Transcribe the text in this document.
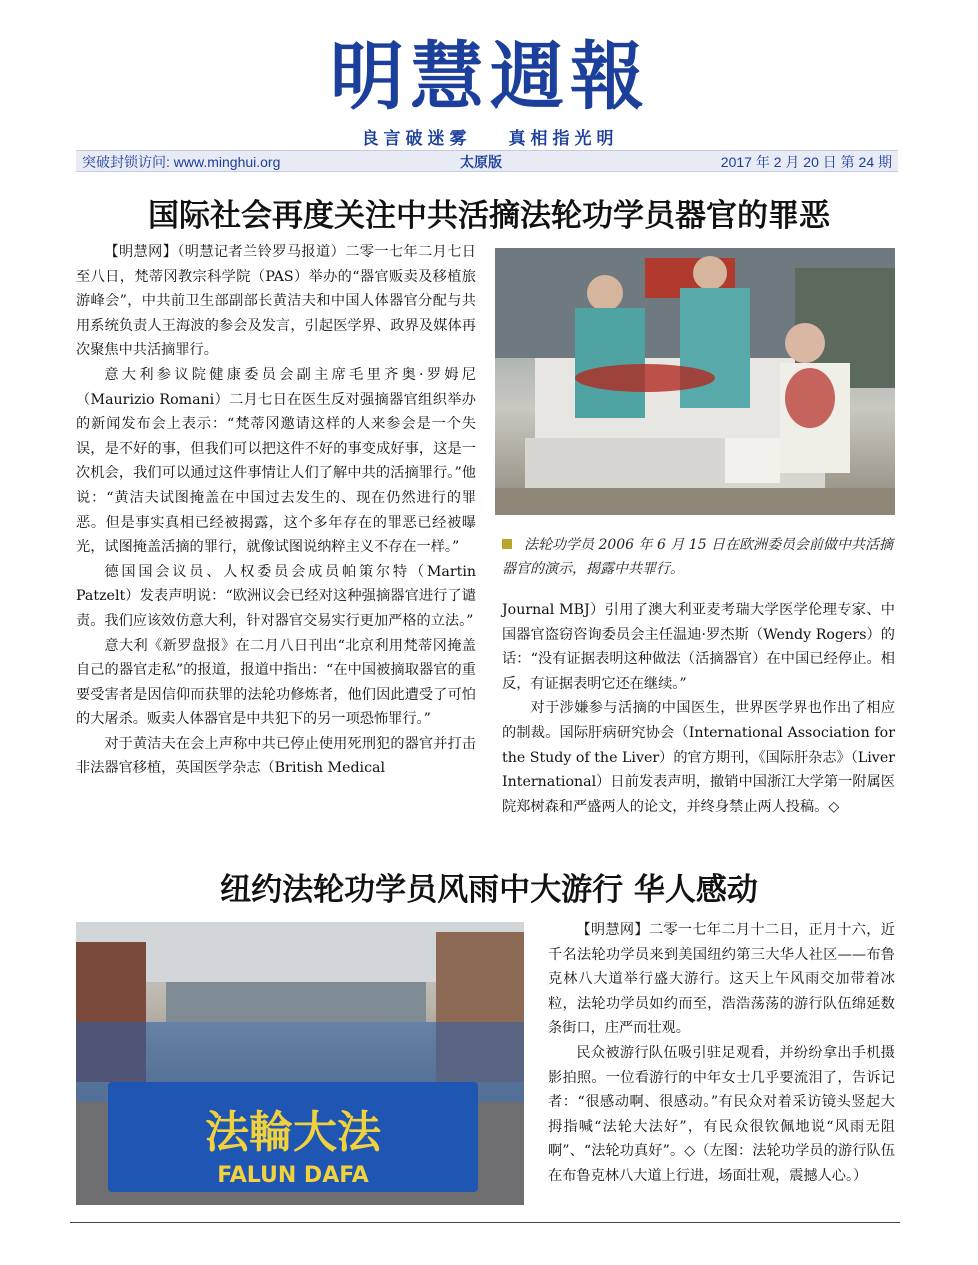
明慧週報
良言破迷雾 真相指光明
突破封锁访问: www.minghui.org	太原版	2017 年 2 月 20 日 第 24 期
国际社会再度关注中共活摘法轮功学员器官的罪恶

【明慧网】（明慧记者兰铃罗马报道）二零一七年二月七日至八日，梵蒂冈教宗科学院（PAS）举办的“器官贩卖及移植旅游峰会”，中共前卫生部副部长黄洁夫和中国人体器官分配与共用系统负责人王海波的参会及发言，引起医学界、政界及媒体再次聚焦中共活摘罪行。

意大利参议院健康委员会副主席毛里齐奥·罗姆尼（Maurizio Romani）二月七日在医生反对强摘器官组织举办的新闻发布会上表示：“梵蒂冈邀请这样的人来参会是一个失误，是不好的事，但我们可以把这件不好的事变成好事，这是一次机会，我们可以通过这件事情让人们了解中共的活摘罪行。”他说：“黄洁夫试图掩盖在中国过去发生的、现在仍然进行的罪恶。但是事实真相已经被揭露，这个多年存在的罪恶已经被曝光，试图掩盖活摘的罪行，就像试图说纳粹主义不存在一样。”

德国国会议员、人权委员会成员帕策尔特（Martin Patzelt）发表声明说：“欧洲议会已经对这种强摘器官进行了谴责。我们应该效仿意大利，针对器官交易实行更加严格的立法。”

意大利《新罗盘报》在二月八日刊出“北京利用梵蒂冈掩盖自己的器官走私”的报道，报道中指出：“在中国被摘取器官的重要受害者是因信仰而获罪的法轮功修炼者，他们因此遭受了可怕的大屠杀。贩卖人体器官是中共犯下的另一项恐怖罪行。”

对于黄洁夫在会上声称中共已停止使用死刑犯的器官并打击非法器官移植，英国医学杂志（British Medical

法轮功学员 2006 年 6 月 15 日在欧洲委员会前做中共活摘器官的演示，揭露中共罪行。

Journal MBJ）引用了澳大利亚麦考瑞大学医学伦理专家、中国器官盗窃咨询委员会主任温迪·罗杰斯（Wendy Rogers）的话：“没有证据表明这种做法（活摘器官）在中国已经停止。相反，有证据表明它还在继续。”

对于涉嫌参与活摘的中国医生，世界医学界也作出了相应的制裁。国际肝病研究协会（International Association for the Study of the Liver）的官方期刊，《国际肝杂志》（Liver International）日前发表声明，撤销中国浙江大学第一附属医院郑树森和严盛两人的论文，并终身禁止两人投稿。◇

纽约法轮功学员风雨中大游行 华人感动
法輪大法
FALUN DAFA

【明慧网】二零一七年二月十二日，正月十六，近千名法轮功学员来到美国纽约第三大华人社区——布鲁克林八大道举行盛大游行。这天上午风雨交加带着冰粒，法轮功学员如约而至，浩浩荡荡的游行队伍绵延数条街口，庄严而壮观。

民众被游行队伍吸引驻足观看，并纷纷拿出手机摄影拍照。一位看游行的中年女士几乎要流泪了，告诉记者：“很感动啊、很感动。”有民众对着采访镜头竖起大拇指喊“法轮大法好”，有民众很钦佩地说“风雨无阻啊”、“法轮功真好”。◇（左图：法轮功学员的游行队伍在布鲁克林八大道上行进，场面壮观，震撼人心。）
